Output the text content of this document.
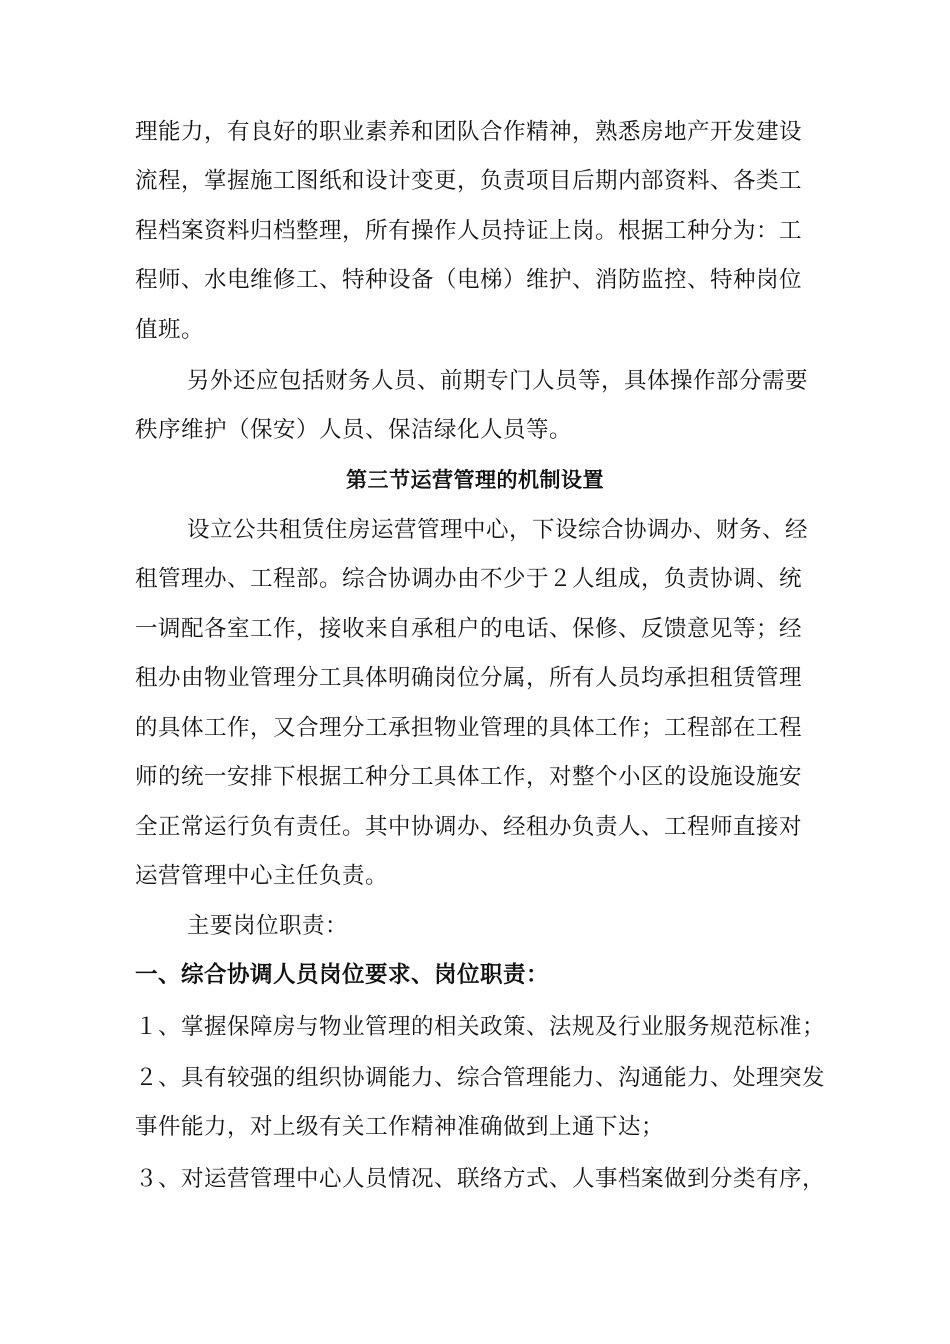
理能力，有良好的职业素养和团队合作精神，熟悉房地产开发建设
流程，掌握施工图纸和设计变更，负责项目后期内部资料、各类工
程档案资料归档整理，所有操作人员持证上岗。根据工种分为：工
程师、水电维修工、特种设备（电梯）维护、消防监控、特种岗位
值班。
另外还应包括财务人员、前期专门人员等，具体操作部分需要
秩序维护（保安）人员、保洁绿化人员等。
第三节运营管理的机制设置
设立公共租赁住房运营管理中心，下设综合协调办、财务、经
租管理办、工程部。综合协调办由不少于２人组成，负责协调、统
一调配各室工作，接收来自承租户的电话、保修、反馈意见等；经
租办由物业管理分工具体明确岗位分属，所有人员均承担租赁管理
的具体工作，又合理分工承担物业管理的具体工作；工程部在工程
师的统一安排下根据工种分工具体工作，对整个小区的设施设施安
全正常运行负有责任。其中协调办、经租办负责人、工程师直接对
运营管理中心主任负责。
主要岗位职责：
一、综合协调人员岗位要求、岗位职责：
１、掌握保障房与物业管理的相关政策、法规及行业服务规范标准；
２、具有较强的组织协调能力、综合管理能力、沟通能力、处理突发
事件能力，对上级有关工作精神准确做到上通下达；
３、对运营管理中心人员情况、联络方式、人事档案做到分类有序，
